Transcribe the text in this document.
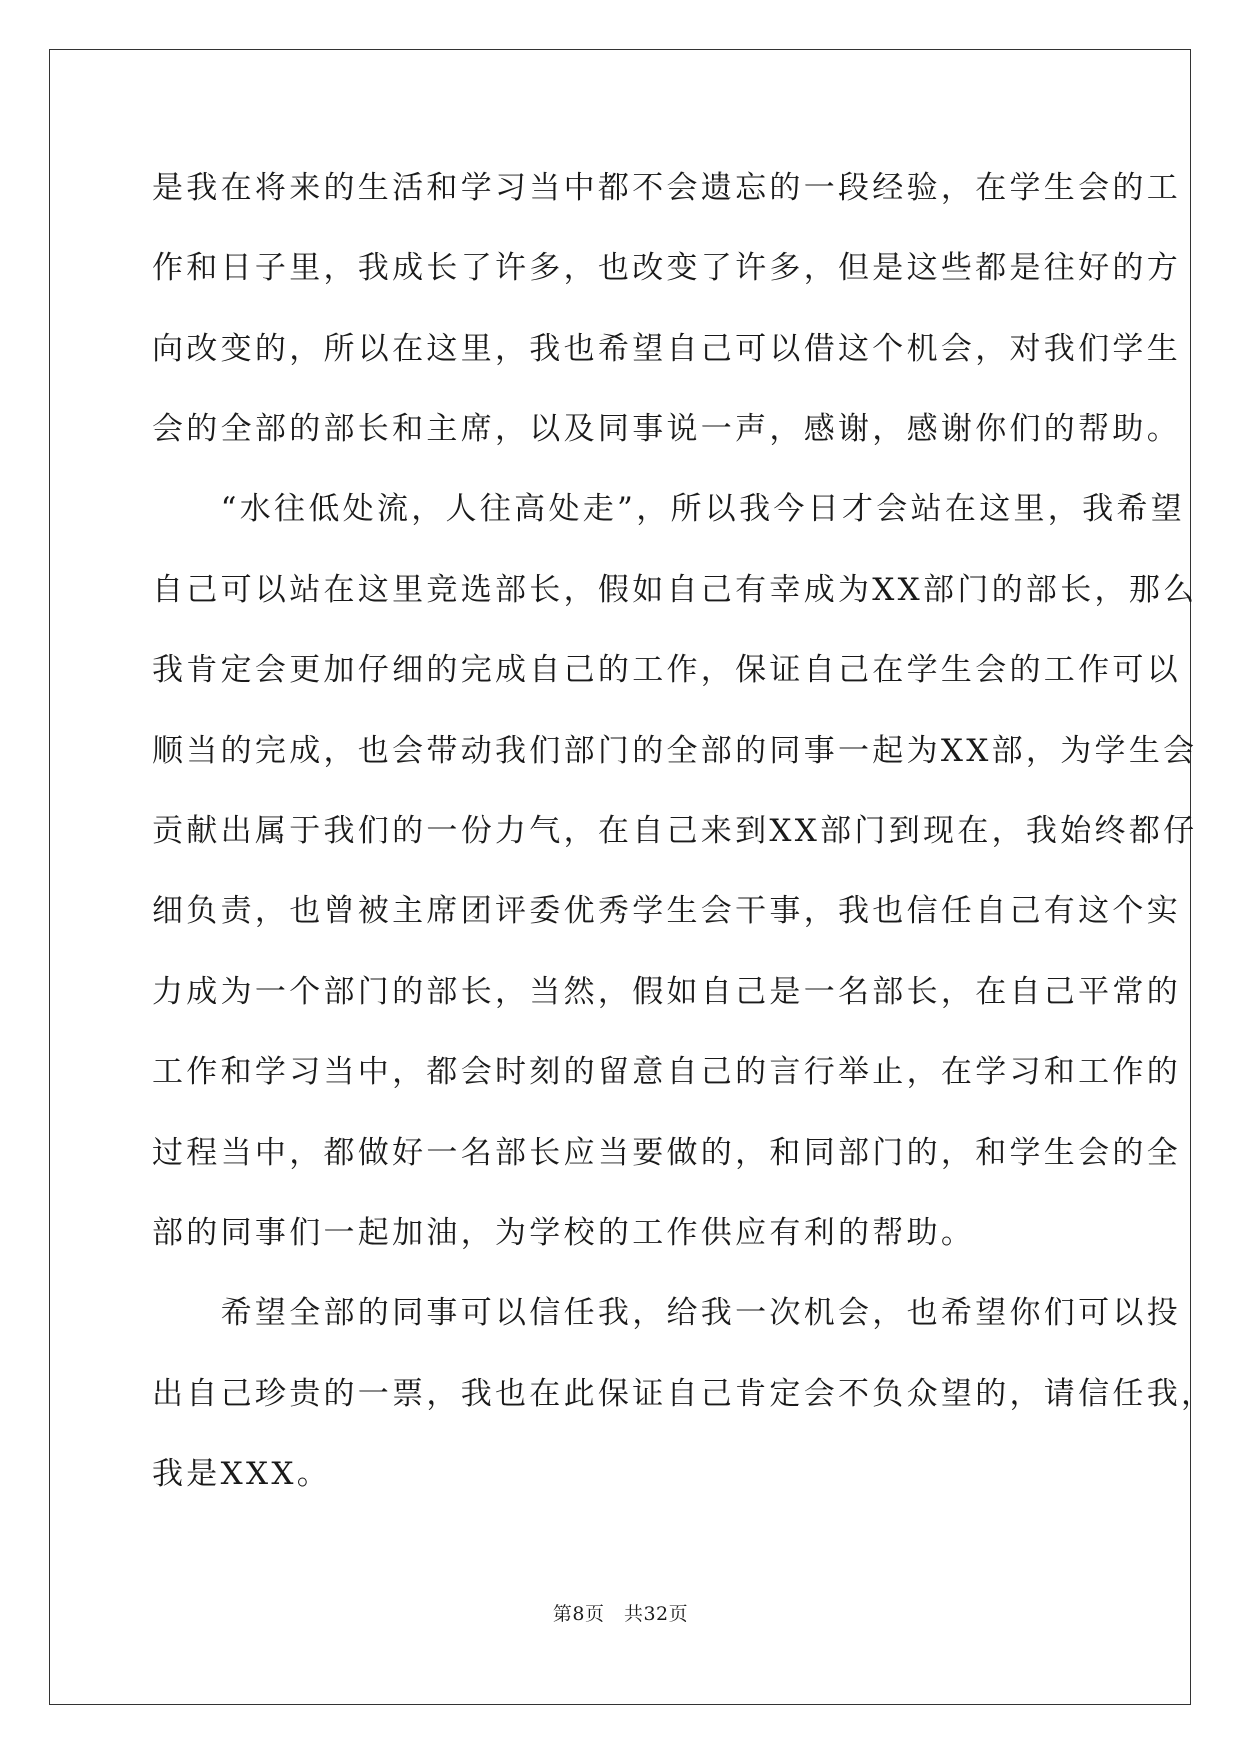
是我在将来的生活和学习当中都不会遗忘的一段经验，在学生会的工
作和日子里，我成长了许多，也改变了许多，但是这些都是往好的方
向改变的，所以在这里，我也希望自己可以借这个机会，对我们学生
会的全部的部长和主席，以及同事说一声，感谢，感谢你们的帮助。
　　“水往低处流，人往高处走”，所以我今日才会站在这里，我希望
自己可以站在这里竞选部长，假如自己有幸成为XX部门的部长，那么
我肯定会更加仔细的完成自己的工作，保证自己在学生会的工作可以
顺当的完成，也会带动我们部门的全部的同事一起为XX部，为学生会
贡献出属于我们的一份力气，在自己来到XX部门到现在，我始终都仔
细负责，也曾被主席团评委优秀学生会干事，我也信任自己有这个实
力成为一个部门的部长，当然，假如自己是一名部长，在自己平常的
工作和学习当中，都会时刻的留意自己的言行举止，在学习和工作的
过程当中，都做好一名部长应当要做的，和同部门的，和学生会的全
部的同事们一起加油，为学校的工作供应有利的帮助。
　　希望全部的同事可以信任我，给我一次机会，也希望你们可以投
出自己珍贵的一票，我也在此保证自己肯定会不负众望的，请信任我，
我是XXX。
第8页　共32页
